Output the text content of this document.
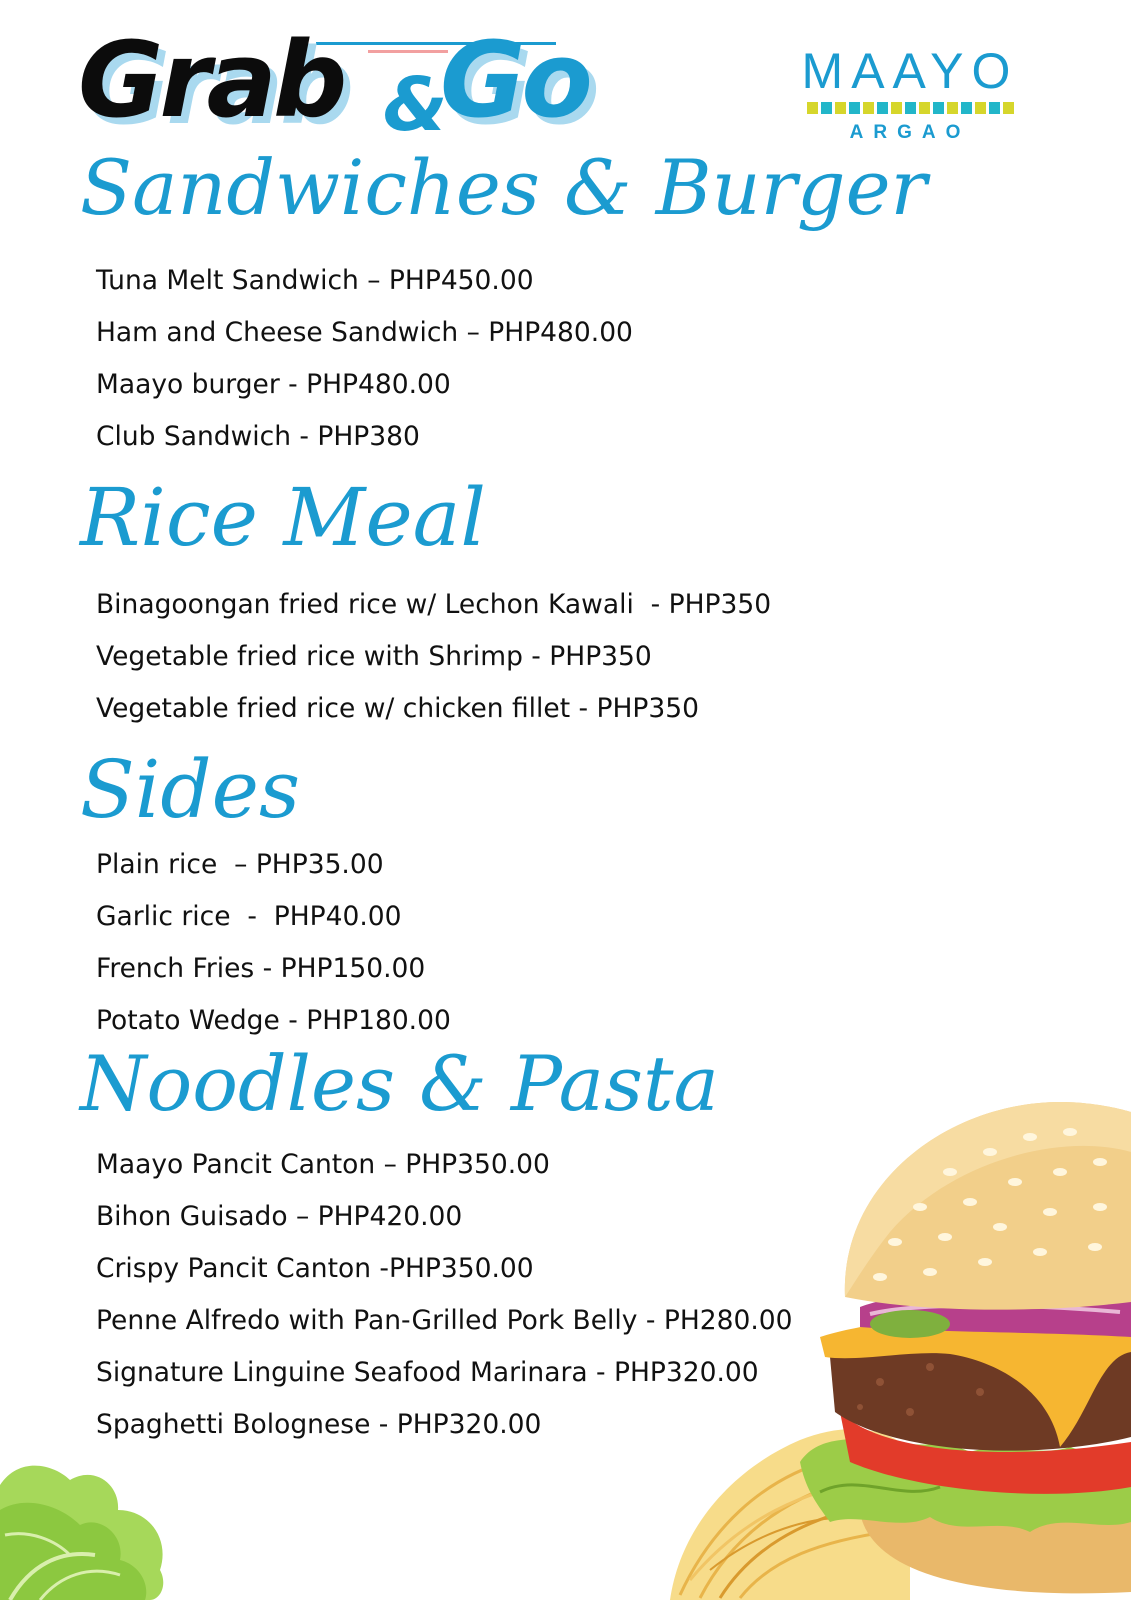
Grab &
Go	MAAYO
ARGAO
Sandwiches & Burger
Tuna Melt Sandwich – PHP450.00
Ham and Cheese Sandwich – PHP480.00
Maayo burger - PHP480.00
Club Sandwich - PHP380
Rice Meal
Binagoongan fried rice w/ Lechon Kawali  - PHP350
Vegetable fried rice with Shrimp - PHP350
Vegetable fried rice w/ chicken fillet - PHP350
Sides
Plain rice  – PHP35.00
Garlic rice  -  PHP40.00
French Fries - PHP150.00
Potato Wedge - PHP180.00
Noodles & Pasta
Maayo Pancit Canton – PHP350.00
Bihon Guisado – PHP420.00
Crispy Pancit Canton -PHP350.00
Penne Alfredo with Pan-Grilled Pork Belly - PH280.00
Signature Linguine Seafood Marinara - PHP320.00
Spaghetti Bolognese - PHP320.00
